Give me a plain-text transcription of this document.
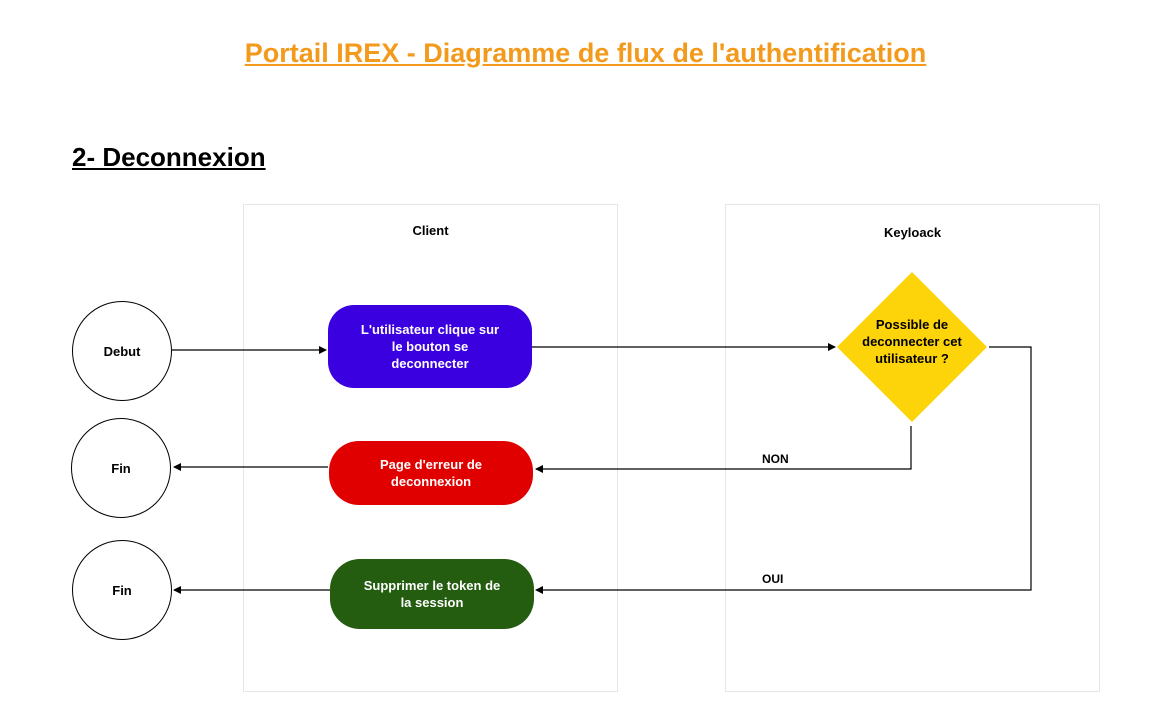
Portail IREX - Diagramme de flux de l'authentification
2- Deconnexion
Client	Keyloack
Debut
Fin
Fin
L'utilisateur clique sur le bouton se deconnecter
Page d'erreur de deconnexion
Supprimer le token de la session
Possible de deconnecter cet utilisateur ?
NON
OUI
